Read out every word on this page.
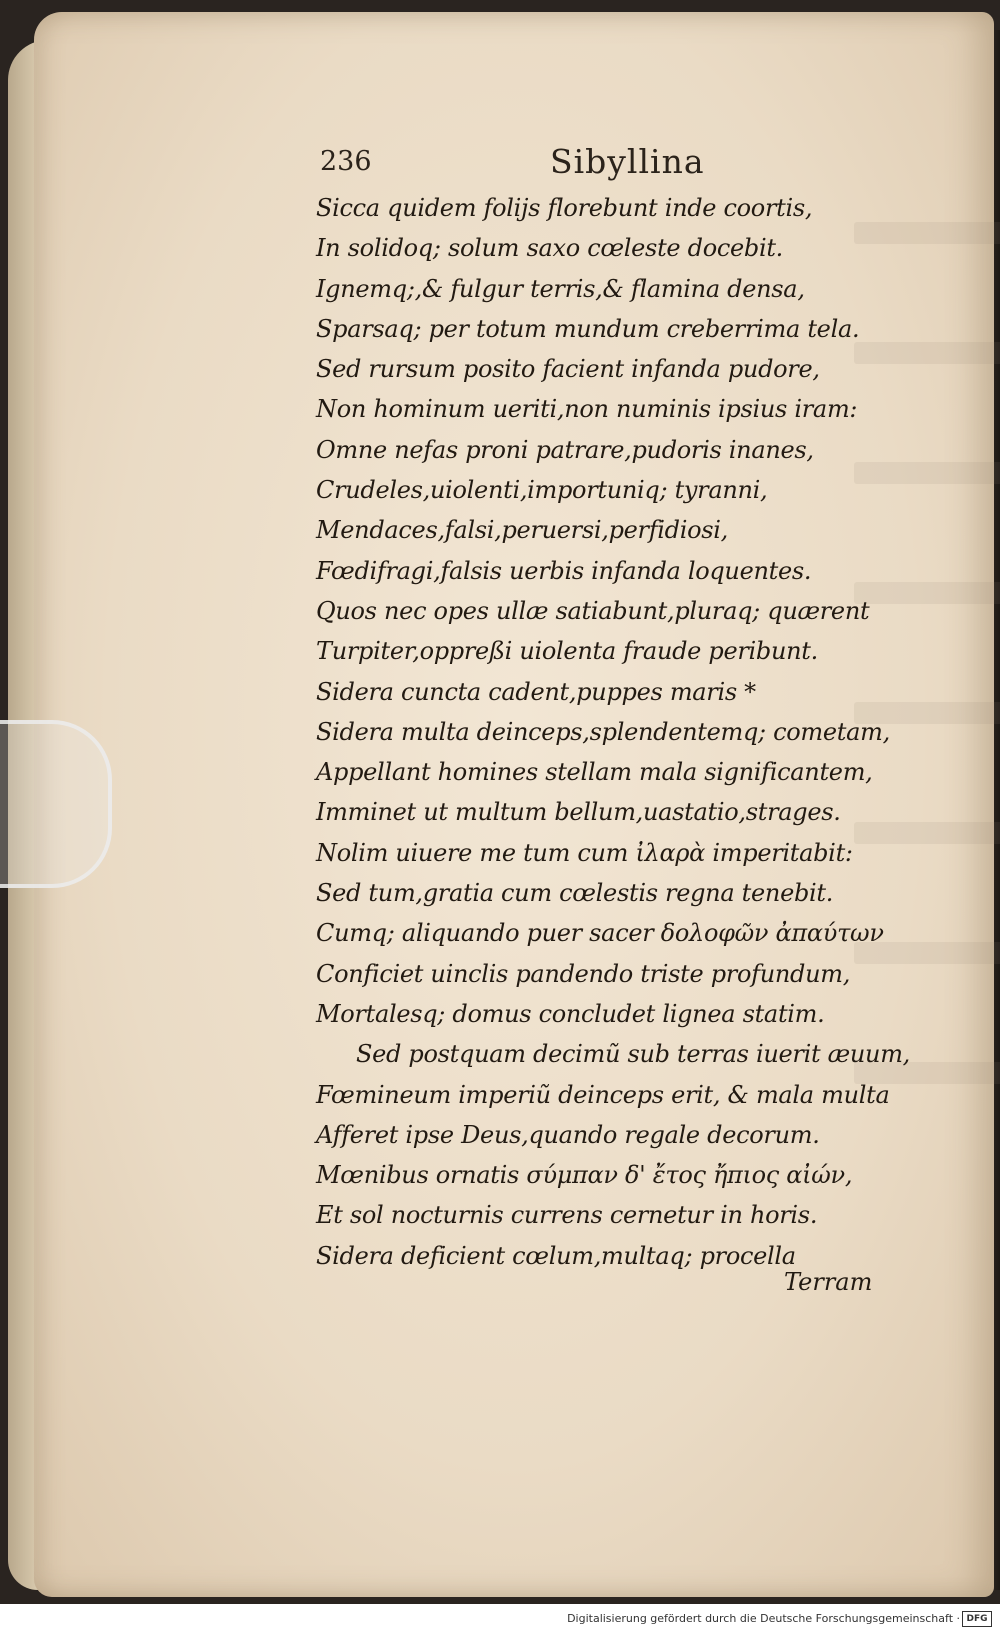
236	Sibyllina
Sicca quidem folijs florebunt inde coortis,
In solidoq; solum saxo cœleste docebit.
Ignemq;,& fulgur terris,& flamina densa,
Sparsaq; per totum mundum creberrima tela.
Sed rursum posito facient infanda pudore,
Non hominum ueriti,non numinis ipsius iram:
Omne nefas proni patrare,pudoris inanes,
Crudeles,uiolenti,importuniq; tyranni,
Mendaces,falsi,peruersi,perfidiosi,
Fœdifragi,falsis uerbis infanda loquentes.
Quos nec opes ullæ satiabunt,pluraq; quærent
Turpiter,oppreßi uiolenta fraude peribunt.
Sidera cuncta cadent,puppes maris *
Sidera multa deinceps,splendentemq; cometam,
Appellant homines stellam mala significantem,
Imminet ut multum bellum,uastatio,strages.
Nolim uiuere me tum cum ἰλαρὰ imperitabit:
Sed tum,gratia cum cœlestis regna tenebit.
Cumq; aliquando puer sacer δολοφῶν ἀπαύτων
Conficiet uinclis pandendo triste profundum,
Mortalesq; domus concludet lignea statim.
Sed postquam decimũ sub terras iuerit æuum,
Fœmineum imperiũ deinceps erit, & mala multa
Afferet ipse Deus,quando regale decorum.
Mœnibus ornatis σύμπαν δ' ἔτος ἤπιος αἰών,
Et sol nocturnis currens cernetur in horis.
Sidera deficient cœlum,multaq; procella
Terram
Digitalisierung gefördert durch die Deutsche Forschungsgemeinschaft · DFG
